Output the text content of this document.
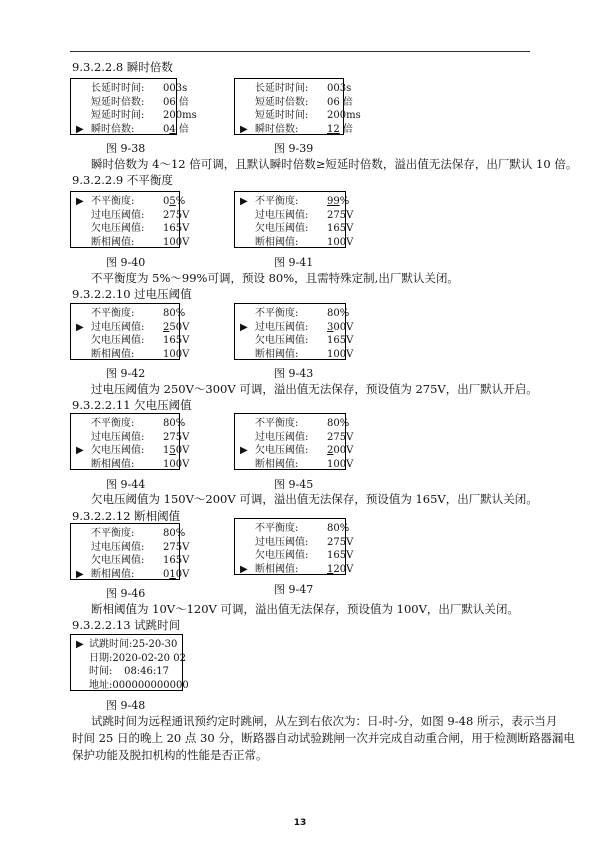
9.3.2.2.8 瞬时倍数
长延时时间:	003s
短延时倍数:	06 倍
短延时时间:	200ms
▶ 瞬时倍数:	04 倍
长延时时间:	003s
短延时倍数:	06 倍
短延时时间:	200ms
▶ 瞬时倍数:	12 倍
图 9-38	图 9-39
瞬时倍数为 4～12 倍可调，且默认瞬时倍数≥短延时倍数，溢出值无法保存，出厂默认 10 倍。
9.3.2.2.9 不平衡度
▶ 不平衡度:	05%
过电压阈值:	275V
欠电压阈值:	165V
断相阈值:	100V
▶ 不平衡度:	99%
过电压阈值:	275V
欠电压阈值:	165V
断相阈值:	100V
图 9-40	图 9-41
不平衡度为 5%～99%可调，预设 80%，且需特殊定制,出厂默认关闭。
9.3.2.2.10 过电压阈值
不平衡度:	80%
▶ 过电压阈值:	250V
欠电压阈值:	165V
断相阈值:	100V
不平衡度:	80%
▶ 过电压阈值:	300V
欠电压阈值:	165V
断相阈值:	100V
图 9-42	图 9-43
过电压阈值为 250V～300V 可调，溢出值无法保存，预设值为 275V，出厂默认开启。
9.3.2.2.11 欠电压阈值
不平衡度:	80%
过电压阈值:	275V
▶ 欠电压阈值:	150V
断相阈值:	100V
不平衡度:	80%
过电压阈值:	275V
▶ 欠电压阈值:	200V
断相阈值:	100V
图 9-44	图 9-45
欠电压阈值为 150V～200V 可调，溢出值无法保存，预设值为 165V，出厂默认关闭。
9.3.2.2.12 断相阈值
不平衡度:	80%
过电压阈值:	275V
欠电压阈值:	165V
▶ 断相阈值:	010V
不平衡度:	80%
过电压阈值:	275V
欠电压阈值:	165V
▶ 断相阈值:	120V
图 9-46	图 9-47
断相阈值为 10V～120V 可调，溢出值无法保存，预设值为 100V，出厂默认关闭。
9.3.2.2.13 试跳时间
▶ 试跳时间: 25-20-30
日期: 2020-02-20 02
时间:	08:46:17
地址: 000000000000
图 9-48
试跳时间为远程通讯预约定时跳闸，从左到右依次为：日-时-分，如图 9-48 所示，表示当月
时间 25 日的晚上 20 点 30 分，断路器自动试验跳闸一次并完成自动重合闸，用于检测断路器漏电
保护功能及脱扣机构的性能是否正常。
13
